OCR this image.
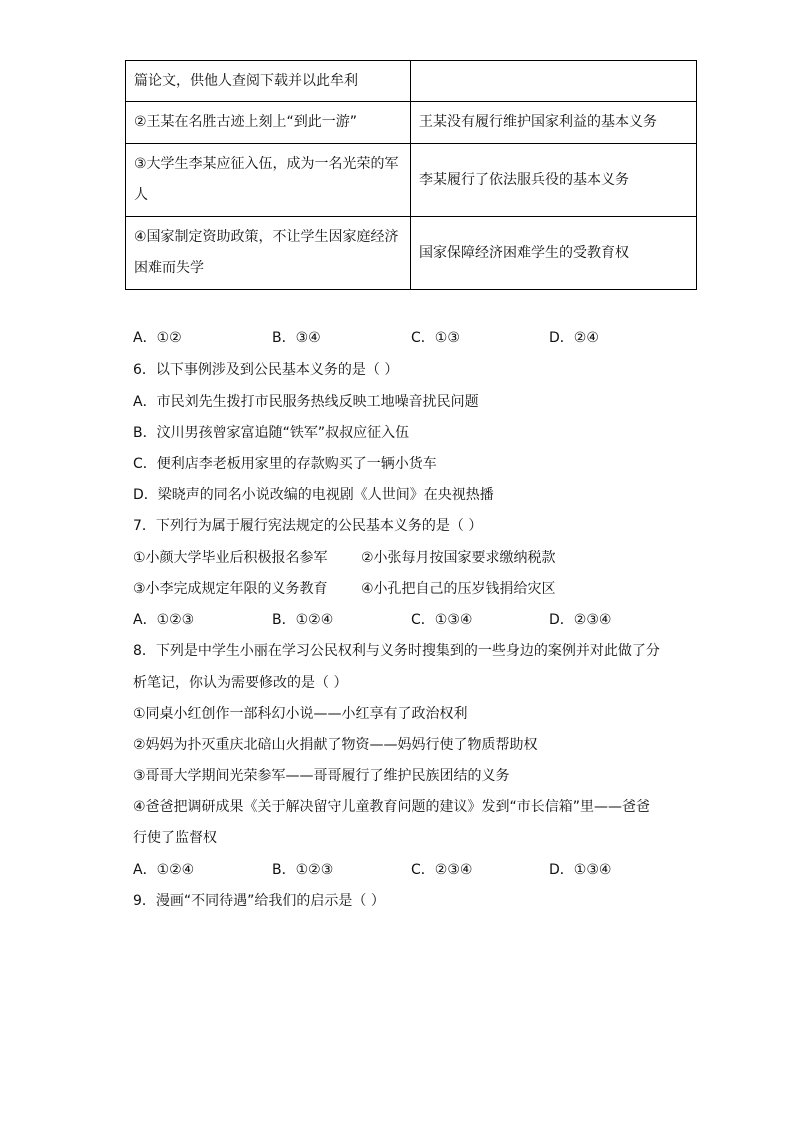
篇论文，供他人查阅下载并以此牟利	
②王某在名胜古迹上刻上“到此一游”	王某没有履行维护国家利益的基本义务
③大学生李某应征入伍，成为一名光荣的军人	李某履行了依法服兵役的基本义务
④国家制定资助政策，不让学生因家庭经济困难而失学	国家保障经济困难学生的受教育权
A．①②	B．③④	C．①③	D．②④
6．以下事例涉及到公民基本义务的是（ ）
A．市民刘先生拨打市民服务热线反映工地噪音扰民问题
B．汶川男孩曾家富追随“铁军”叔叔应征入伍
C．便利店李老板用家里的存款购买了一辆小货车
D．梁晓声的同名小说改编的电视剧《人世间》在央视热播
7．下列行为属于履行宪法规定的公民基本义务的是（ ）
①小颜大学毕业后积极报名参军 ②小张每月按国家要求缴纳税款
③小李完成规定年限的义务教育 ④小孔把自己的压岁钱捐给灾区
A．①②③	B．①②④	C．①③④	D．②③④
8．下列是中学生小丽在学习公民权利与义务时搜集到的一些身边的案例并对此做了分
析笔记，你认为需要修改的是（ ）
①同桌小红创作一部科幻小说——小红享有了政治权利
②妈妈为扑灭重庆北碚山火捐献了物资——妈妈行使了物质帮助权
③哥哥大学期间光荣参军——哥哥履行了维护民族团结的义务
④爸爸把调研成果《关于解决留守儿童教育问题的建议》发到“市长信箱”里——爸爸
行使了监督权
A．①②④	B．①②③	C．②③④	D．①③④
9．漫画“不同待遇”给我们的启示是（ ）
